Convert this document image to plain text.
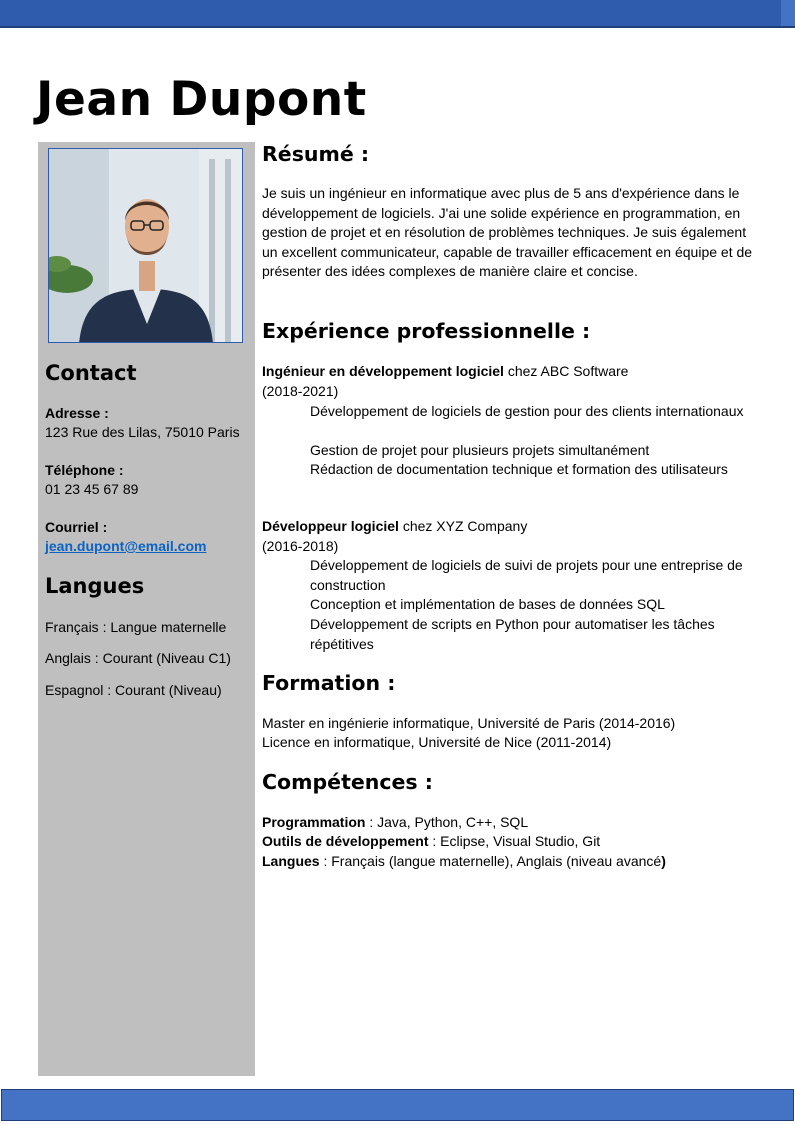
Jean Dupont
Contact
Adresse :
123 Rue des Lilas, 75010 Paris
Téléphone :
01 23 45 67 89
Courriel :
jean.dupont@email.com
Langues
Français : Langue maternelle
Anglais : Courant (Niveau C1)
Espagnol : Courant (Niveau)
Résumé :

Je suis un ingénieur en informatique avec plus de 5 ans d'expérience dans le développement de logiciels. J'ai une solide expérience en programmation, en gestion de projet et en résolution de problèmes techniques. Je suis également un excellent communicateur, capable de travailler efficacement en équipe et de présenter des idées complexes de manière claire et concise.

Expérience professionnelle :
Ingénieur en développement logiciel chez ABC Software
(2018-2021)
Développement de logiciels de gestion pour des clients internationaux
Gestion de projet pour plusieurs projets simultanément
Rédaction de documentation technique et formation des utilisateurs
Développeur logiciel chez XYZ Company
(2016-2018)
Développement de logiciels de suivi de projets pour une entreprise de construction
Conception et implémentation de bases de données SQL
Développement de scripts en Python pour automatiser les tâches répétitives
Formation :
Master en ingénierie informatique, Université de Paris (2014-2016)
Licence en informatique, Université de Nice (2011-2014)
Compétences :
Programmation : Java, Python, C++, SQL
Outils de développement : Eclipse, Visual Studio, Git
Langues : Français (langue maternelle), Anglais (niveau avancé)
